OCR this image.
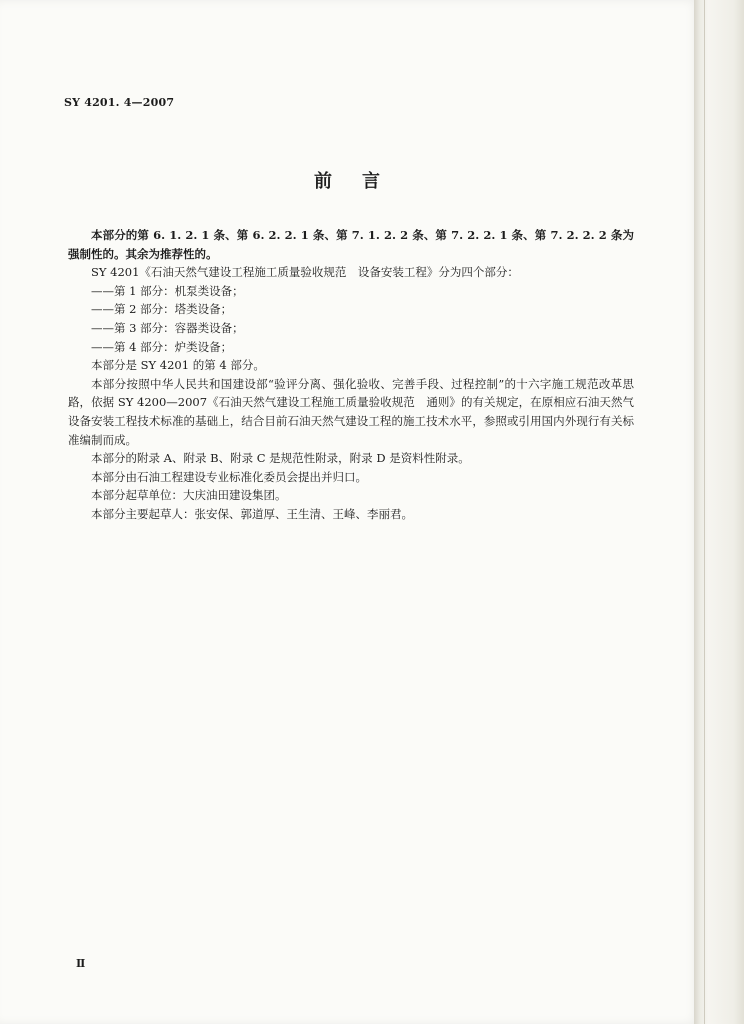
SY 4201. 4—2007
前言

本部分的第 6. 1. 2. 1 条、第 6. 2. 2. 1 条、第 7. 1. 2. 2 条、第 7. 2. 2. 1 条、第 7. 2. 2. 2 条为强制性的。其余为推荐性的。

SY 4201《石油天然气建设工程施工质量验收规范　设备安装工程》分为四个部分：

——第 1 部分：机泵类设备；

——第 2 部分：塔类设备；

——第 3 部分：容器类设备；

——第 4 部分：炉类设备；

本部分是 SY 4201 的第 4 部分。

本部分按照中华人民共和国建设部“验评分离、强化验收、完善手段、过程控制”的十六字施工规范改革思路，依据 SY 4200—2007《石油天然气建设工程施工质量验收规范　通则》的有关规定，在原相应石油天然气设备安装工程技术标准的基础上，结合目前石油天然气建设工程的施工技术水平，参照或引用国内外现行有关标准编制而成。

本部分的附录 A、附录 B、附录 C 是规范性附录，附录 D 是资料性附录。

本部分由石油工程建设专业标准化委员会提出并归口。

本部分起草单位：大庆油田建设集团。

本部分主要起草人：张安保、郭道厚、王生清、王峰、李丽君。

Ⅱ
